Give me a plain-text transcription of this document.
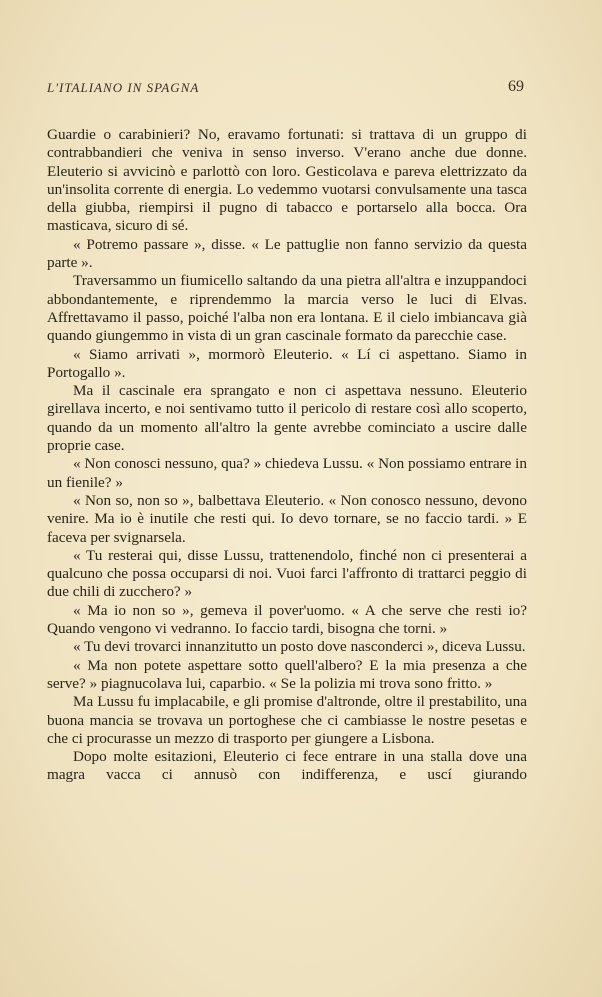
L'ITALIANO IN SPAGNA	69

Guardie o carabinieri? No, eravamo fortunati: si trattava di un gruppo di contrabbandieri che veniva in senso inverso. V'erano anche due donne. Eleuterio si avvicinò e parlottò con loro. Gesticolava e pareva elettrizzato da un'insolita corrente di energia. Lo vedemmo vuotarsi convulsamente una tasca della giubba, riempirsi il pugno di tabacco e portarselo alla bocca. Ora masticava, sicuro di sé.

« Potremo passare », disse. « Le pattuglie non fanno servizio da questa parte ».

Traversammo un fiumicello saltando da una pietra all'altra e inzuppandoci abbondantemente, e riprendemmo la marcia verso le luci di Elvas. Affrettavamo il passo, poiché l'alba non era lontana. E il cielo imbiancava già quando giungemmo in vista di un gran cascinale formato da parecchie case.

« Siamo arrivati », mormorò Eleuterio. « Lí ci aspettano. Siamo in Portogallo ».

Ma il cascinale era sprangato e non ci aspettava nessuno. Eleuterio girellava incerto, e noi sentivamo tutto il pericolo di restare così allo scoperto, quando da un momento all'altro la gente avrebbe cominciato a uscire dalle proprie case.

« Non conosci nessuno, qua? » chiedeva Lussu. « Non possiamo entrare in un fienile? »

« Non so, non so », balbettava Eleuterio. « Non conosco nessuno, devono venire. Ma io è inutile che resti qui. Io devo tornare, se no faccio tardi. » E faceva per svignarsela.

« Tu resterai qui, disse Lussu, trattenendolo, finché non ci presenterai a qualcuno che possa occuparsi di noi. Vuoi farci l'affronto di trattarci peggio di due chili di zucchero? »

« Ma io non so », gemeva il pover'uomo. « A che serve che resti io? Quando vengono vi vedranno. Io faccio tardi, bisogna che torni. »

« Tu devi trovarci innanzitutto un posto dove nasconderci », diceva Lussu.

« Ma non potete aspettare sotto quell'albero? E la mia presenza a che serve? » piagnucolava lui, caparbio. « Se la polizia mi trova sono fritto. »

Ma Lussu fu implacabile, e gli promise d'altronde, oltre il prestabilito, una buona mancia se trovava un portoghese che ci cambiasse le nostre pesetas e che ci procurasse un mezzo di trasporto per giungere a Lisbona.

Dopo molte esitazioni, Eleuterio ci fece entrare in una stalla dove una magra vacca ci annusò con indifferenza, e uscí giurando
